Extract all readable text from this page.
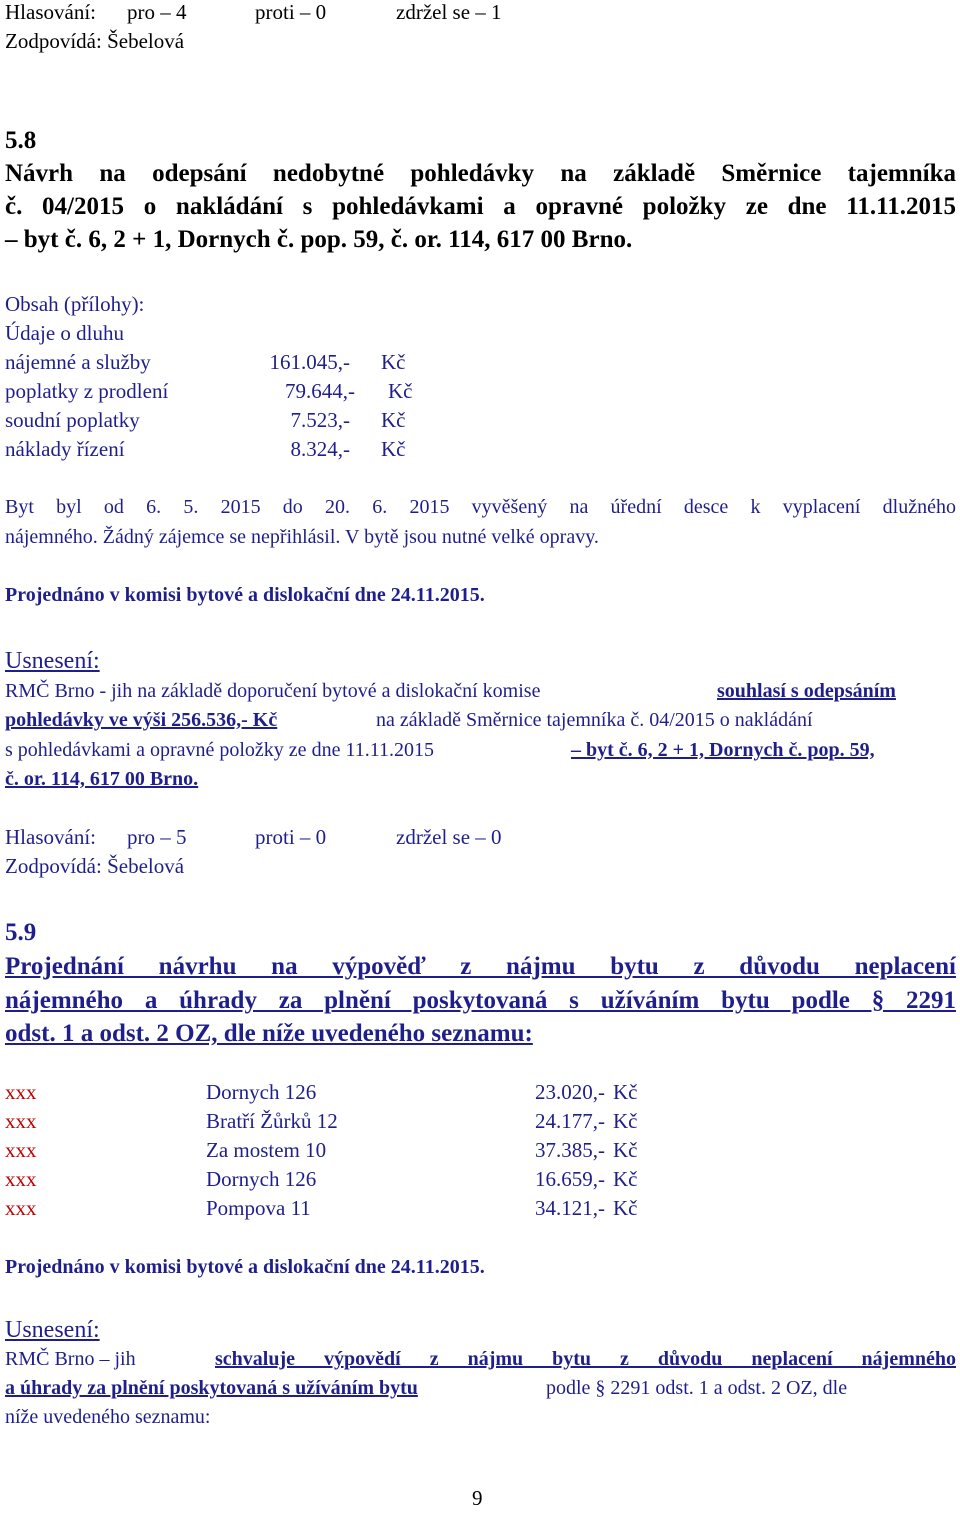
Hlasování: pro – 4	proti – 0	zdržel se – 1
Zodpovídá: Šebelová
5.8
Návrh na odepsání nedobytné pohledávky na základě Směrnice tajemníka
č. 04/2015 o nakládání s pohledávkami a opravné položky ze dne 11.11.2015
– byt č. 6, 2 + 1, Dornych č. pop. 59, č. or. 114, 617 00 Brno.
Obsah (přílohy):
Údaje o dluhu
nájemné a služby	161.045,- Kč
poplatky z prodlení	79.644,- Kč
soudní poplatky	7.523,- Kč
náklady řízení	8.324,- Kč
Byt byl od 6. 5. 2015 do 20. 6. 2015 vyvěšený na úřední desce k vyplacení dlužného
nájemného. Žádný zájemce se nepřihlásil. V bytě jsou nutné velké opravy.
Projednáno v komisi bytové a dislokační dne 24.11.2015.
Usnesení:
RMČ Brno - jih na základě doporučení bytové a dislokační komise	souhlasí s odepsáním
pohledávky ve výši 256.536,- Kč	na základě Směrnice tajemníka č. 04/2015 o nakládání
s pohledávkami a opravné položky ze dne 11.11.2015	– byt č. 6, 2 + 1, Dornych č. pop. 59,
č. or. 114, 617 00 Brno.
Hlasování: pro – 5	proti – 0	zdržel se – 0
Zodpovídá: Šebelová
5.9
Projednání návrhu na výpověď z nájmu bytu z důvodu neplacení
nájemného a úhrady za plnění poskytovaná s užíváním bytu podle § 2291
odst. 1 a odst. 2 OZ, dle níže uvedeného seznamu:
xxx	Dornych 126	23.020,- Kč
xxx	Bratří Žůrků 12	24.177,- Kč
xxx	Za mostem 10	37.385,- Kč
xxx	Dornych 126	16.659,- Kč
xxx	Pompova 11	34.121,- Kč
Projednáno v komisi bytové a dislokační dne 24.11.2015.
Usnesení:
RMČ Brno – jih	schvaluje výpovědí z nájmu bytu z důvodu neplacení nájemného
a úhrady za plnění poskytovaná s užíváním bytu	podle § 2291 odst. 1 a odst. 2 OZ, dle
níže uvedeného seznamu:
9
